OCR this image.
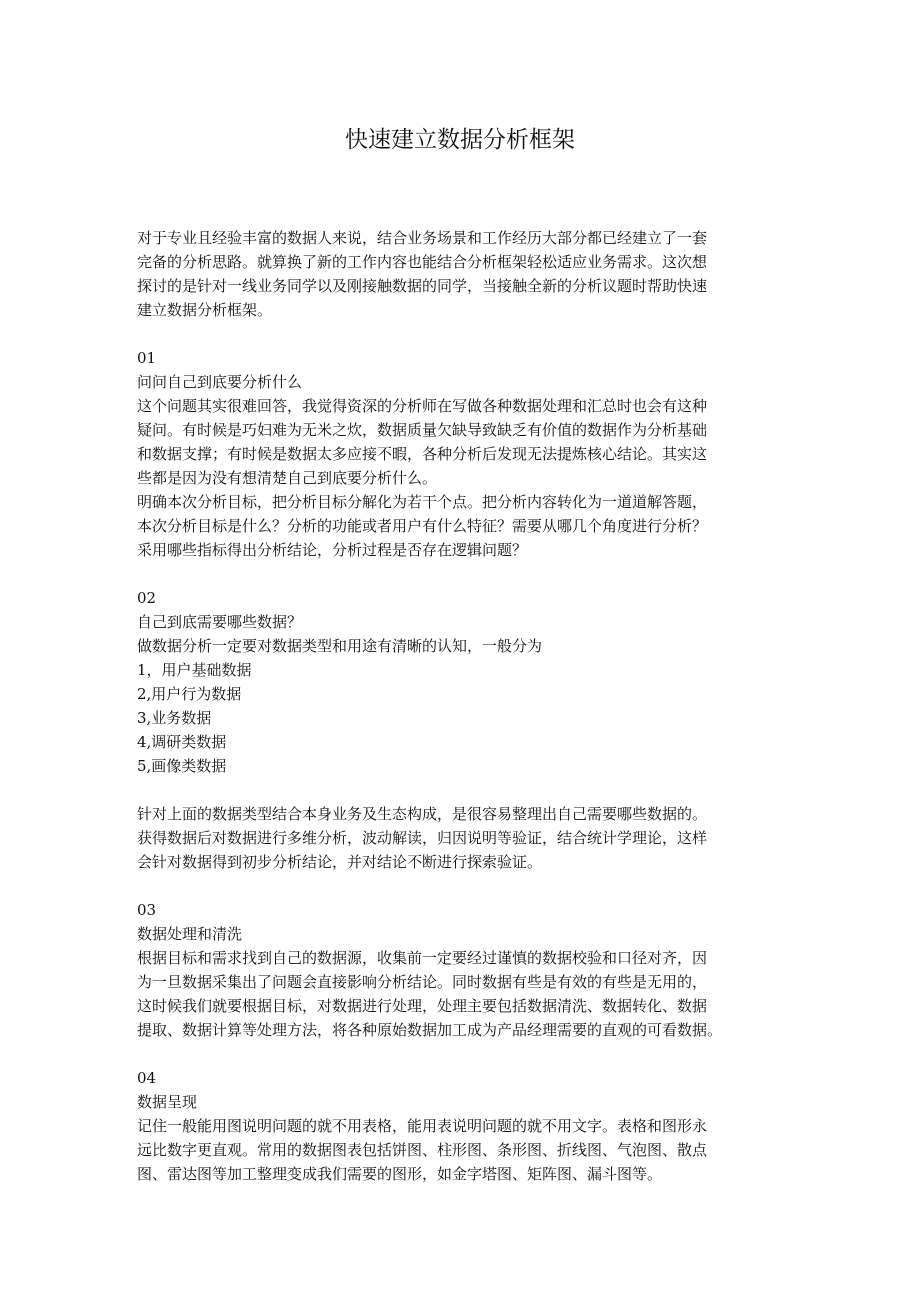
快速建立数据分析框架

对于专业且经验丰富的数据人来说，结合业务场景和工作经历大部分都已经建立了一套

完备的分析思路。就算换了新的工作内容也能结合分析框架轻松适应业务需求。这次想

探讨的是针对一线业务同学以及刚接触数据的同学，当接触全新的分析议题时帮助快速

建立数据分析框架。

01

问问自己到底要分析什么

这个问题其实很难回答，我觉得资深的分析师在写做各种数据处理和汇总时也会有这种

疑问。有时候是巧妇难为无米之炊，数据质量欠缺导致缺乏有价值的数据作为分析基础

和数据支撑；有时候是数据太多应接不暇，各种分析后发现无法提炼核心结论。其实这

些都是因为没有想清楚自己到底要分析什么。

明确本次分析目标，把分析目标分解化为若干个点。把分析内容转化为一道道解答题，

本次分析目标是什么？分析的功能或者用户有什么特征？需要从哪几个角度进行分析？

采用哪些指标得出分析结论，分析过程是否存在逻辑问题？

02

自己到底需要哪些数据？

做数据分析一定要对数据类型和用途有清晰的认知，一般分为

1，用户基础数据

2,用户行为数据

3,业务数据

4,调研类数据

5,画像类数据

针对上面的数据类型结合本身业务及生态构成，是很容易整理出自己需要哪些数据的。

获得数据后对数据进行多维分析，波动解读，归因说明等验证，结合统计学理论，这样

会针对数据得到初步分析结论，并对结论不断进行探索验证。

03

数据处理和清洗

根据目标和需求找到自己的数据源，收集前一定要经过谨慎的数据校验和口径对齐，因

为一旦数据采集出了问题会直接影响分析结论。同时数据有些是有效的有些是无用的，

这时候我们就要根据目标，对数据进行处理，处理主要包括数据清洗、数据转化、数据

提取、数据计算等处理方法，将各种原始数据加工成为产品经理需要的直观的可看数据。

04

数据呈现

记住一般能用图说明问题的就不用表格，能用表说明问题的就不用文字。表格和图形永

远比数字更直观。常用的数据图表包括饼图、柱形图、条形图、折线图、气泡图、散点

图、雷达图等加工整理变成我们需要的图形，如金字塔图、矩阵图、漏斗图等。
